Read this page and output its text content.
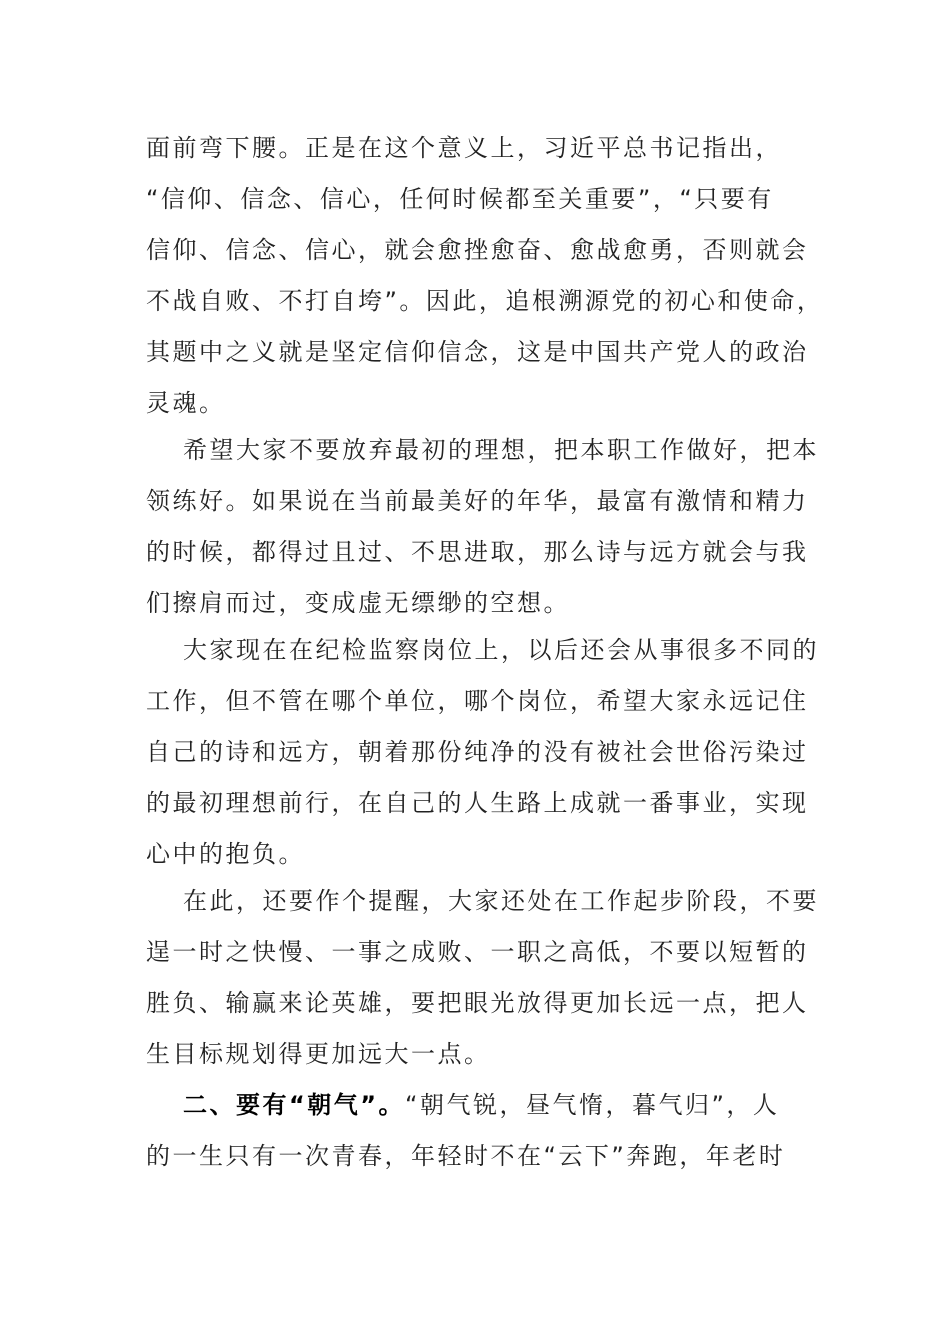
面前弯下腰。正是在这个意义上，习近平总书记指出，
“信仰、信念、信心，任何时候都至关重要”，“只要有
信仰、信念、信心，就会愈挫愈奋、愈战愈勇，否则就会
不战自败、不打自垮”。因此，追根溯源党的初心和使命，
其题中之义就是坚定信仰信念，这是中国共产党人的政治
灵魂。
希望大家不要放弃最初的理想，把本职工作做好，把本
领练好。如果说在当前最美好的年华，最富有激情和精力
的时候，都得过且过、不思进取，那么诗与远方就会与我
们擦肩而过，变成虚无缥缈的空想。
大家现在在纪检监察岗位上，以后还会从事很多不同的
工作，但不管在哪个单位，哪个岗位，希望大家永远记住
自己的诗和远方，朝着那份纯净的没有被社会世俗污染过
的最初理想前行，在自己的人生路上成就一番事业，实现
心中的抱负。
在此，还要作个提醒，大家还处在工作起步阶段，不要
逞一时之快慢、一事之成败、一职之高低，不要以短暂的
胜负、输赢来论英雄，要把眼光放得更加长远一点，把人
生目标规划得更加远大一点。
二、要有“朝气”。“朝气锐，昼气惰，暮气归”，人
的一生只有一次青春，年轻时不在“云下”奔跑，年老时
